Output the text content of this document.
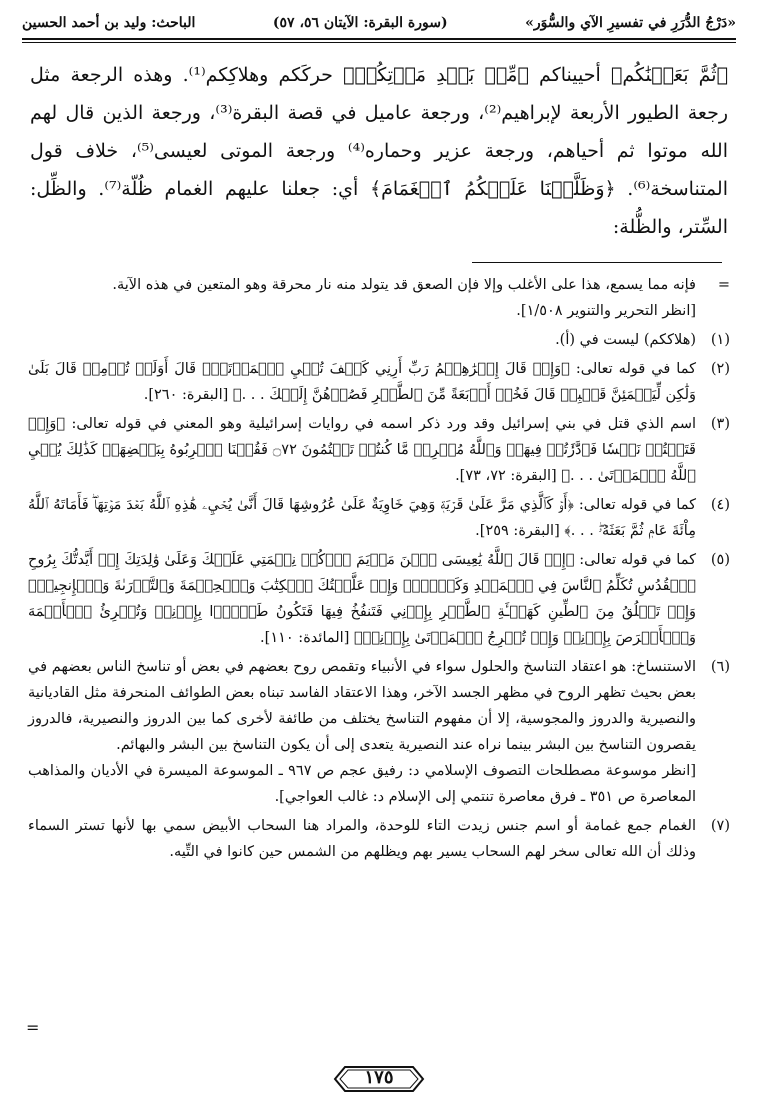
«دَرْجُ الدُّرَرِ في تفسيرِ الآي والسُّوَر»
(سورة البقرة: الآيتان ٥٦، ٥٧)
الباحث: وليد بن أحمد الحسين

﴿ثُمَّ بَعَثۡنَٰكُم﴾ أحييناكم ﴿مِّنۢ بَعۡدِ مَوۡتِكُمۡ﴾ حركَكم وهلاكِكم⁽¹⁾. وهذه الرجعة مثل رجعة الطيور الأربعة لإبراهيم⁽²⁾، ورجعة عاميل في قصة البقرة⁽³⁾، ورجعة الذين قال لهم الله موتوا ثم أحياهم، ورجعة عزير وحماره⁽⁴⁾ ورجعة الموتى لعيسى⁽⁵⁾، خلاف قول المتناسخة⁽⁶⁾. ﴿وَظَلَّلۡنَا عَلَيۡكُمُ ٱلۡغَمَامَ﴾ أي: جعلنا عليهم الغمام ظُلّة⁽⁷⁾. والظِّل: السِّتر، والظُّلة:

=

فإنه مما يسمع، هذا على الأغلب وإلا فإن الصعق قد يتولد منه نار محرقة وهو المتعين في هذه الآية.

[انظر التحرير والتنوير ١/٥٠٨].

(١)

(هلاككم) ليست في (أ).

(٢)

كما في قوله تعالى: ﴿وَإِذۡ قَالَ إِبۡرَٰهِـۧمُ رَبِّ أَرِنِي كَيۡفَ تُحۡيِ ٱلۡمَوۡتَىٰۖ قَالَ أَوَلَمۡ تُؤۡمِنۖ قَالَ بَلَىٰ وَلَٰكِن لِّيَطۡمَئِنَّ قَلۡبِيۖ قَالَ فَخُذۡ أَرۡبَعَةً مِّنَ ٱلطَّيۡرِ فَصُرۡهُنَّ إِلَيۡكَ . . .﴾ [البقرة: ٢٦٠].

(٣)

اسم الذي قتل في بني إسرائيل وقد ورد ذكر اسمه في روايات إسرائيلية وهو المعني في قوله تعالى: ﴿وَإِذۡ قَتَلۡتُمۡ نَفۡسٗا فَٱدَّٰرَٰٔتُمۡ فِيهَاۖ وَٱللَّهُ مُخۡرِجٞ مَّا كُنتُمۡ تَكۡتُمُونَ ۝٧٢ فَقُلۡنَا ٱضۡرِبُوهُ بِبَعۡضِهَاۚ كَذَٰلِكَ يُحۡيِ ٱللَّهُ ٱلۡمَوۡتَىٰ . . .﴾ [البقرة: ٧٢، ٧٣].

(٤)

كما في قوله تعالى: ﴿أَوۡ كَٱلَّذِي مَرَّ عَلَىٰ قَرۡيَةٖ وَهِيَ خَاوِيَةٌ عَلَىٰ عُرُوشِهَا قَالَ أَنَّىٰ يُحۡيِۦ هَٰذِهِ ٱللَّهُ بَعۡدَ مَوۡتِهَاۖ فَأَمَاتَهُ ٱللَّهُ مِاْئَةَ عَامٖ ثُمَّ بَعَثَهُۥۖ . . .﴾ [البقرة: ٢٥٩].

(٥)

كما في قوله تعالى: ﴿إِذۡ قَالَ ٱللَّهُ يَٰعِيسَى ٱبۡنَ مَرۡيَمَ ٱذۡكُرۡ نِعۡمَتِي عَلَيۡكَ وَعَلَىٰ وَٰلِدَتِكَ إِذۡ أَيَّدتُّكَ بِرُوحِ ٱلۡقُدُسِ تُكَلِّمُ ٱلنَّاسَ فِي ٱلۡمَهۡدِ وَكَهۡلٗاۖ وَإِذۡ عَلَّمۡتُكَ ٱلۡكِتَٰبَ وَٱلۡحِكۡمَةَ وَٱلتَّوۡرَىٰةَ وَٱلۡإِنجِيلَۖ وَإِذۡ تَخۡلُقُ مِنَ ٱلطِّينِ كَهَيۡـَٔةِ ٱلطَّيۡرِ بِإِذۡنِي فَتَنفُخُ فِيهَا فَتَكُونُ طَيۡرَۢا بِإِذۡنِيۖ وَتُبۡرِئُ ٱلۡأَكۡمَهَ وَٱلۡأَبۡرَصَ بِإِذۡنِيۖ وَإِذۡ تُخۡرِجُ ٱلۡمَوۡتَىٰ بِإِذۡنِيۖ﴾ [المائدة: ١١٠].

(٦)

الاستنساخ: هو اعتقاد التناسخ والحلول سواء في الأنبياء وتقمص روح بعضهم في بعض أو تناسخ الناس بعضهم في بعض بحيث تظهر الروح في مظهر الجسد الآخر، وهذا الاعتقاد الفاسد تبناه بعض الطوائف المنحرفة مثل القاديانية والنصيرية والدروز والمجوسية، إلا أن مفهوم التناسخ يختلف من طائفة لأخرى كما بين الدروز والنصيرية، فالدروز يقصرون التناسخ بين البشر بينما نراه عند النصيرية يتعدى إلى أن يكون التناسخ بين البشر والبهائم.

[انظر موسوعة مصطلحات التصوف الإسلامي د: رفيق عجم ص ٩٦٧ ـ الموسوعة الميسرة في الأديان والمذاهب المعاصرة ص ٣٥١ ـ فرق معاصرة تنتمي إلى الإسلام د: غالب العواجي].

(٧)

الغمام جمع غمامة أو اسم جنس زيدت التاء للوحدة، والمراد هنا السحاب الأبيض سمي بها لأنها تستر السماء وذلك أن الله تعالى سخر لهم السحاب يسير بهم ويظلهم من الشمس حين كانوا في التِّيه.

=
١٧٥
